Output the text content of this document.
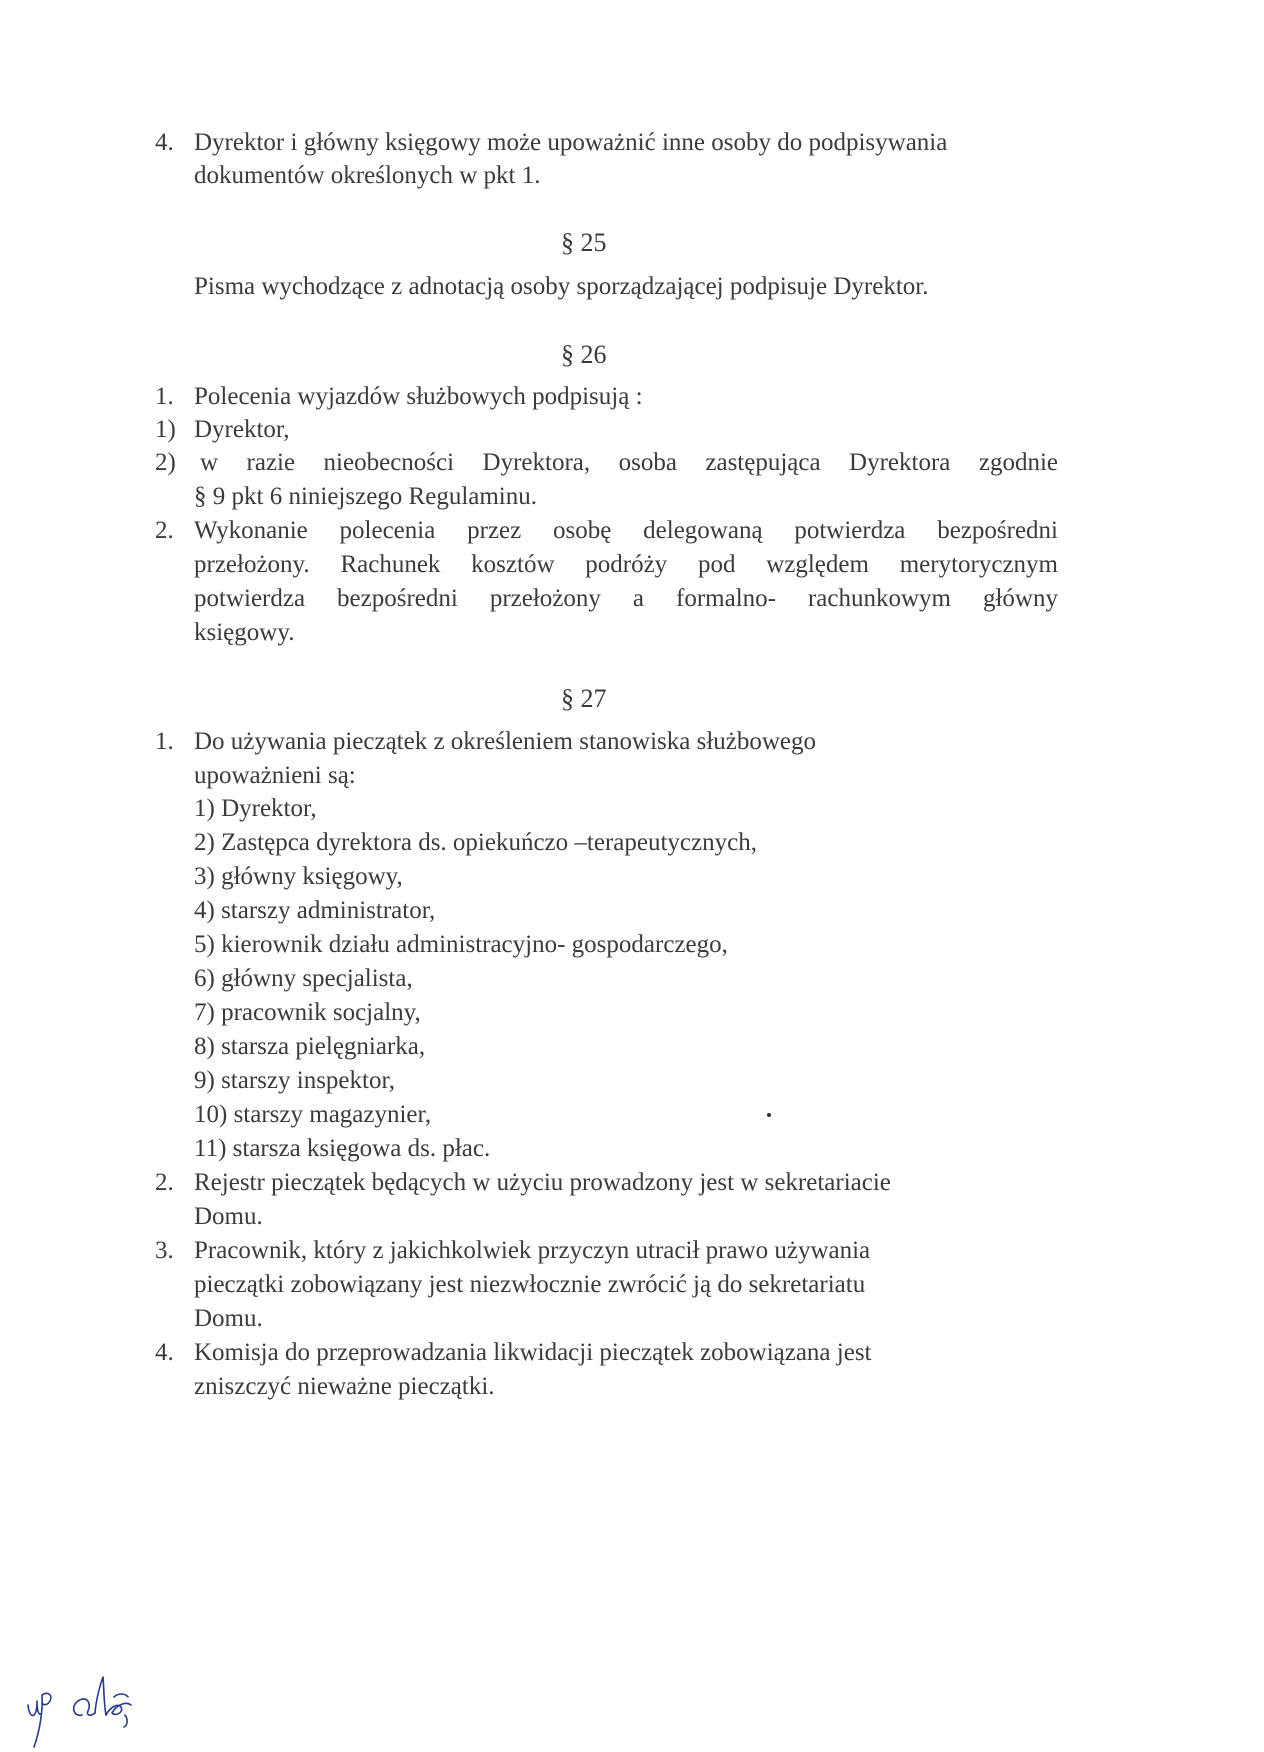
4. Dyrektor i główny księgowy może upoważnić inne osoby do podpisywania
dokumentów określonych w pkt 1.
§ 25
Pisma wychodzące z adnotacją osoby sporządzającej podpisuje Dyrektor.
§ 26
1. Polecenia wyjazdów służbowych podpisują :
1) Dyrektor,
2) w razie nieobecności Dyrektora, osoba zastępująca Dyrektora zgodnie
§ 9 pkt 6 niniejszego Regulaminu.
2. Wykonanie polecenia przez osobę delegowaną potwierdza bezpośredni
przełożony. Rachunek kosztów podróży pod względem merytorycznym
potwierdza bezpośredni przełożony a formalno- rachunkowym główny
księgowy.
§ 27
1. Do używania pieczątek z określeniem stanowiska służbowego
upoważnieni są:
1) Dyrektor,
2) Zastępca dyrektora ds. opiekuńczo –terapeutycznych,
3) główny księgowy,
4) starszy administrator,
5) kierownik działu administracyjno- gospodarczego,
6) główny specjalista,
7) pracownik socjalny,
8) starsza pielęgniarka,
9) starszy inspektor,
10) starszy magazynier,
11) starsza księgowa ds. płac.
2. Rejestr pieczątek będących w użyciu prowadzony jest w sekretariacie
Domu.
3. Pracownik, który z jakichkolwiek przyczyn utracił prawo używania
pieczątki zobowiązany jest niezwłocznie zwrócić ją do sekretariatu
Domu.
4. Komisja do przeprowadzania likwidacji pieczątek zobowiązana jest
zniszczyć nieważne pieczątki.
